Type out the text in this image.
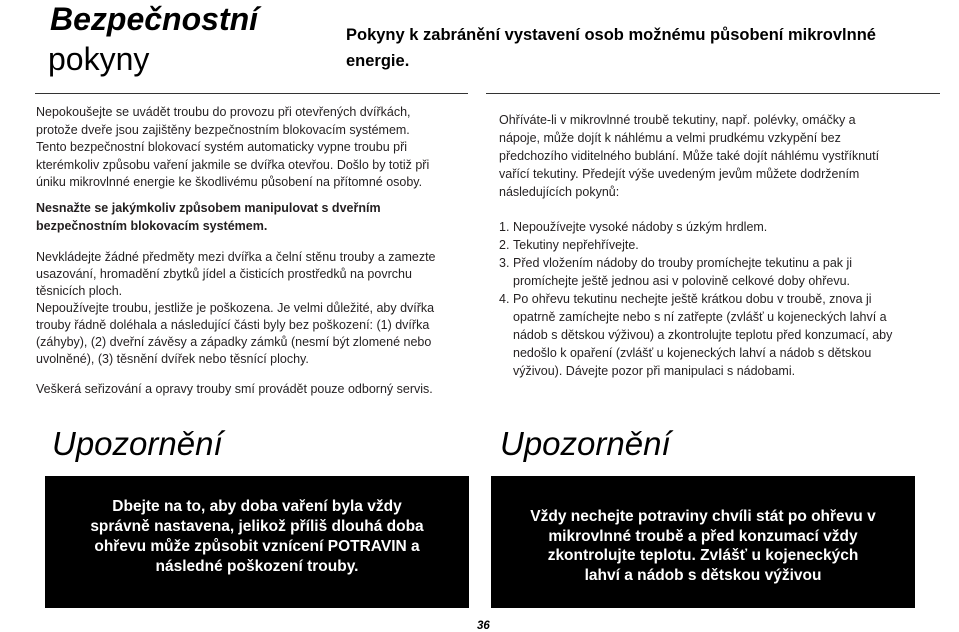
Bezpečnostní
pokyny
Pokyny k zabránění vystavení osob možnému působení mikrovlnné
energie.
Nepokoušejte se uvádět troubu do provozu při otevřených dvířkách,
protože dveře jsou zajištěny bezpečnostním blokovacím systémem.
Tento bezpečnostní blokovací systém automaticky vypne troubu při
kterémkoliv způsobu vaření jakmile se dvířka otevřou. Došlo by totiž při
úniku mikrovlnné energie ke škodlivému působení na přítomné osoby.
Nesnažte se jakýmkoliv způsobem manipulovat s dveřním
bezpečnostním blokovacím systémem.
Nevkládejte žádné předměty mezi dvířka a čelní stěnu trouby a zamezte
usazování, hromadění zbytků jídel a čisticích prostředků na povrchu
těsnicích ploch.
Nepoužívejte troubu, jestliže je poškozena. Je velmi důležité, aby dvířka
trouby řádně doléhala a následující části byly bez poškození: (1) dvířka
(záhyby), (2) dveřní závěsy a západky zámků (nesmí být zlomené nebo
uvolněné), (3) těsnění dvířek nebo těsnící plochy.
Veškerá seřizování a opravy trouby smí provádět pouze odborný servis.
Ohříváte-li v mikrovlnné troubě tekutiny, např. polévky, omáčky a
nápoje, může dojít k náhlému a velmi prudkému vzkypění bez
předchozího viditelného bublání. Může také dojít náhlému vystříknutí
vařící tekutiny. Předejít výše uvedeným jevům můžete dodržením
následujících pokynů:
1. Nepoužívejte vysoké nádoby s úzkým hrdlem.
2. Tekutiny nepřehřívejte.
3. Před vložením nádoby do trouby promíchejte tekutinu a pak ji
promíchejte ještě jednou asi v polovině celkové doby ohřevu.
4. Po ohřevu tekutinu nechejte ještě krátkou dobu v troubě, znova ji
opatrně zamíchejte nebo s ní zatřepte (zvlášť u kojeneckých lahví a
nádob s dětskou výživou) a zkontrolujte teplotu před konzumací, aby
nedošlo k opaření (zvlášť u kojeneckých lahví a nádob s dětskou
výživou). Dávejte pozor při manipulaci s nádobami.
Upozornění	Upozornění
Dbejte na to, aby doba vaření byla vždy
správně nastavena, jelikož příliš dlouhá doba
ohřevu může způsobit vznícení POTRAVIN a
následné poškození trouby.
Vždy nechejte potraviny chvíli stát po ohřevu v
mikrovlnné troubě a před konzumací vždy
zkontrolujte teplotu. Zvlášť u kojeneckých
lahví a nádob s dětskou výživou
36
